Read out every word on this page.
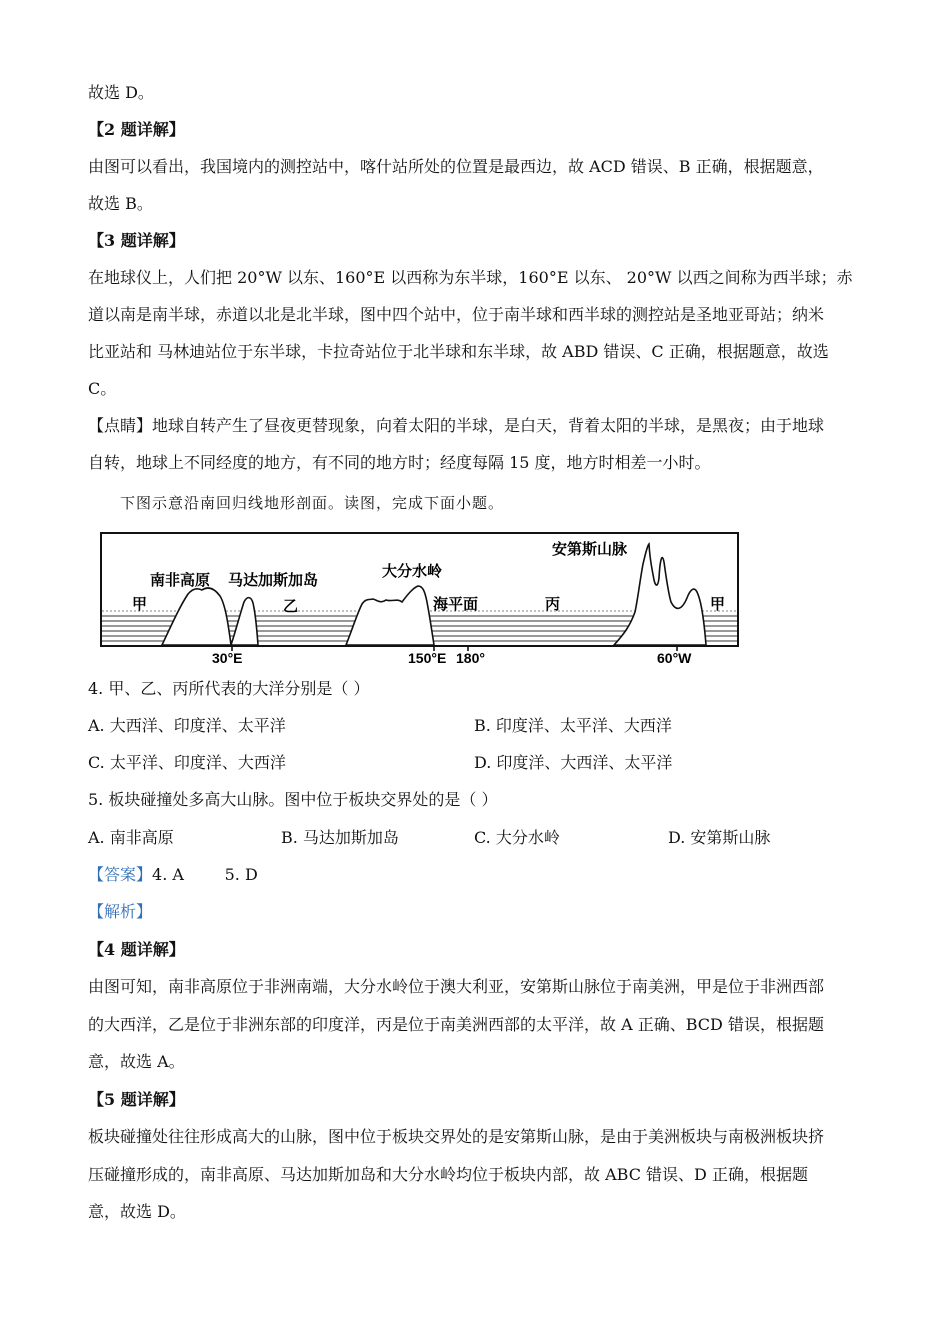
故选 D。
【2 题详解】
由图可以看出，我国境内的测控站中，喀什站所处的位置是最西边，故 ACD 错误、B 正确，根据题意，
故选 B。
【3 题详解】
在地球仪上，人们把 20°W 以东、160°E 以西称为东半球，160°E 以东、 20°W 以西之间称为西半球；赤
道以南是南半球，赤道以北是北半球，图中四个站中，位于南半球和西半球的测控站是圣地亚哥站；纳米
比亚站和 马林迪站位于东半球，卡拉奇站位于北半球和东半球，故 ABD 错误、C 正确，根据题意，故选
C。
【点睛】地球自转产生了昼夜更替现象，向着太阳的半球，是白天，背着太阳的半球，是黑夜；由于地球
自转，地球上不同经度的地方，有不同的地方时；经度每隔 15 度，地方时相差一小时。
下图示意沿南回归线地形剖面。读图，完成下面小题。
南非高原 马达加斯加岛	大分水岭
安第斯山脉
甲	乙	海平面	丙	甲
30°E	150°E 180°	60°W
4. 甲、乙、丙所代表的大洋分别是（ ）
A. 大西洋、印度洋、太平洋	B. 印度洋、太平洋、大西洋
C. 太平洋、印度洋、大西洋	D. 印度洋、大西洋、太平洋
5. 板块碰撞处多高大山脉。图中位于板块交界处的是（ ）
A. 南非高原	B. 马达加斯加岛	C. 大分水岭	D. 安第斯山脉
【答案】4. A        5. D
【解析】
【4 题详解】
由图可知，南非高原位于非洲南端，大分水岭位于澳大利亚，安第斯山脉位于南美洲，甲是位于非洲西部
的大西洋，乙是位于非洲东部的印度洋，丙是位于南美洲西部的太平洋，故 A 正确、BCD 错误，根据题
意，故选 A。
【5 题详解】
板块碰撞处往往形成高大的山脉，图中位于板块交界处的是安第斯山脉，是由于美洲板块与南极洲板块挤
压碰撞形成的，南非高原、马达加斯加岛和大分水岭均位于板块内部，故 ABC 错误、D 正确，根据题
意，故选 D。
